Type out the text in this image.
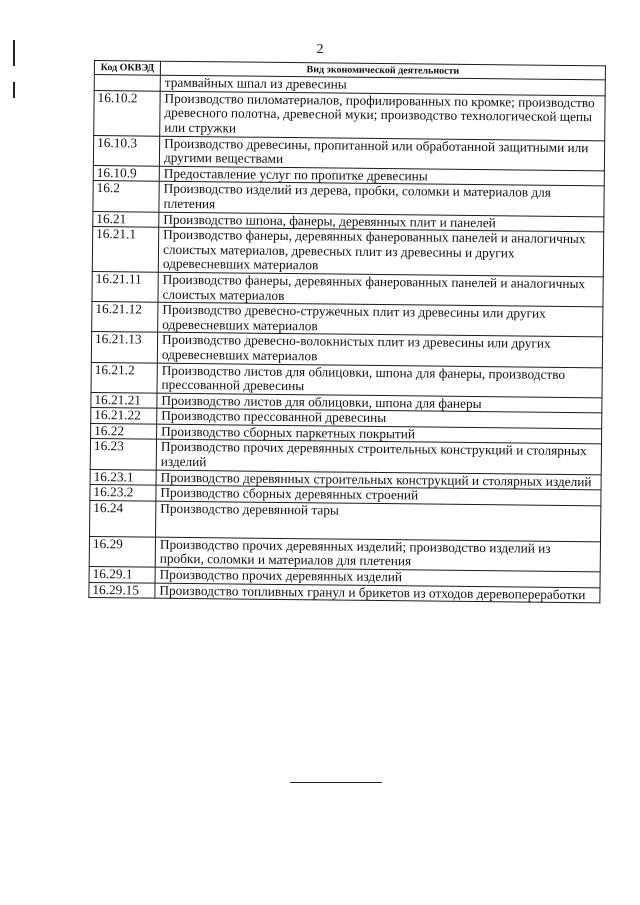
2
Код ОКВЭД	Вид экономической деятельности
	трамвайных шпал из древесины
16.10.2	Производство пиломатериалов, профилированных по кромке; производство древесного полотна, древесной муки; производство технологической щепы или стружки
16.10.3	Производство древесины, пропитанной или обработанной защитными или другими веществами
16.10.9	Предоставление услуг по пропитке древесины
16.2	Производство изделий из дерева, пробки, соломки и материалов для плетения
16.21	Производство шпона, фанеры, деревянных плит и панелей
16.21.1	Производство фанеры, деревянных фанерованных панелей и аналогичных слоистых материалов, древесных плит из древесины и других одревесневших материалов
16.21.11	Производство фанеры, деревянных фанерованных панелей и аналогичных слоистых материалов
16.21.12	Производство древесно-стружечных плит из древесины или других одревесневших материалов
16.21.13	Производство древесно-волокнистых плит из древесины или других одревесневших материалов
16.21.2	Производство листов для облицовки, шпона для фанеры, производство прессованной древесины
16.21.21	Производство листов для облицовки, шпона для фанеры
16.21.22	Производство прессованной древесины
16.22	Производство сборных паркетных покрытий
16.23	Производство прочих деревянных строительных конструкций и столярных изделий
16.23.1	Производство деревянных строительных конструкций и столярных изделий
16.23.2	Производство сборных деревянных строений
16.24	Производство деревянной тары
16.29	Производство прочих деревянных изделий; производство изделий из пробки, соломки и материалов для плетения
16.29.1	Производство прочих деревянных изделий
16.29.15	Производство топливных гранул и брикетов из отходов деревопереработки
